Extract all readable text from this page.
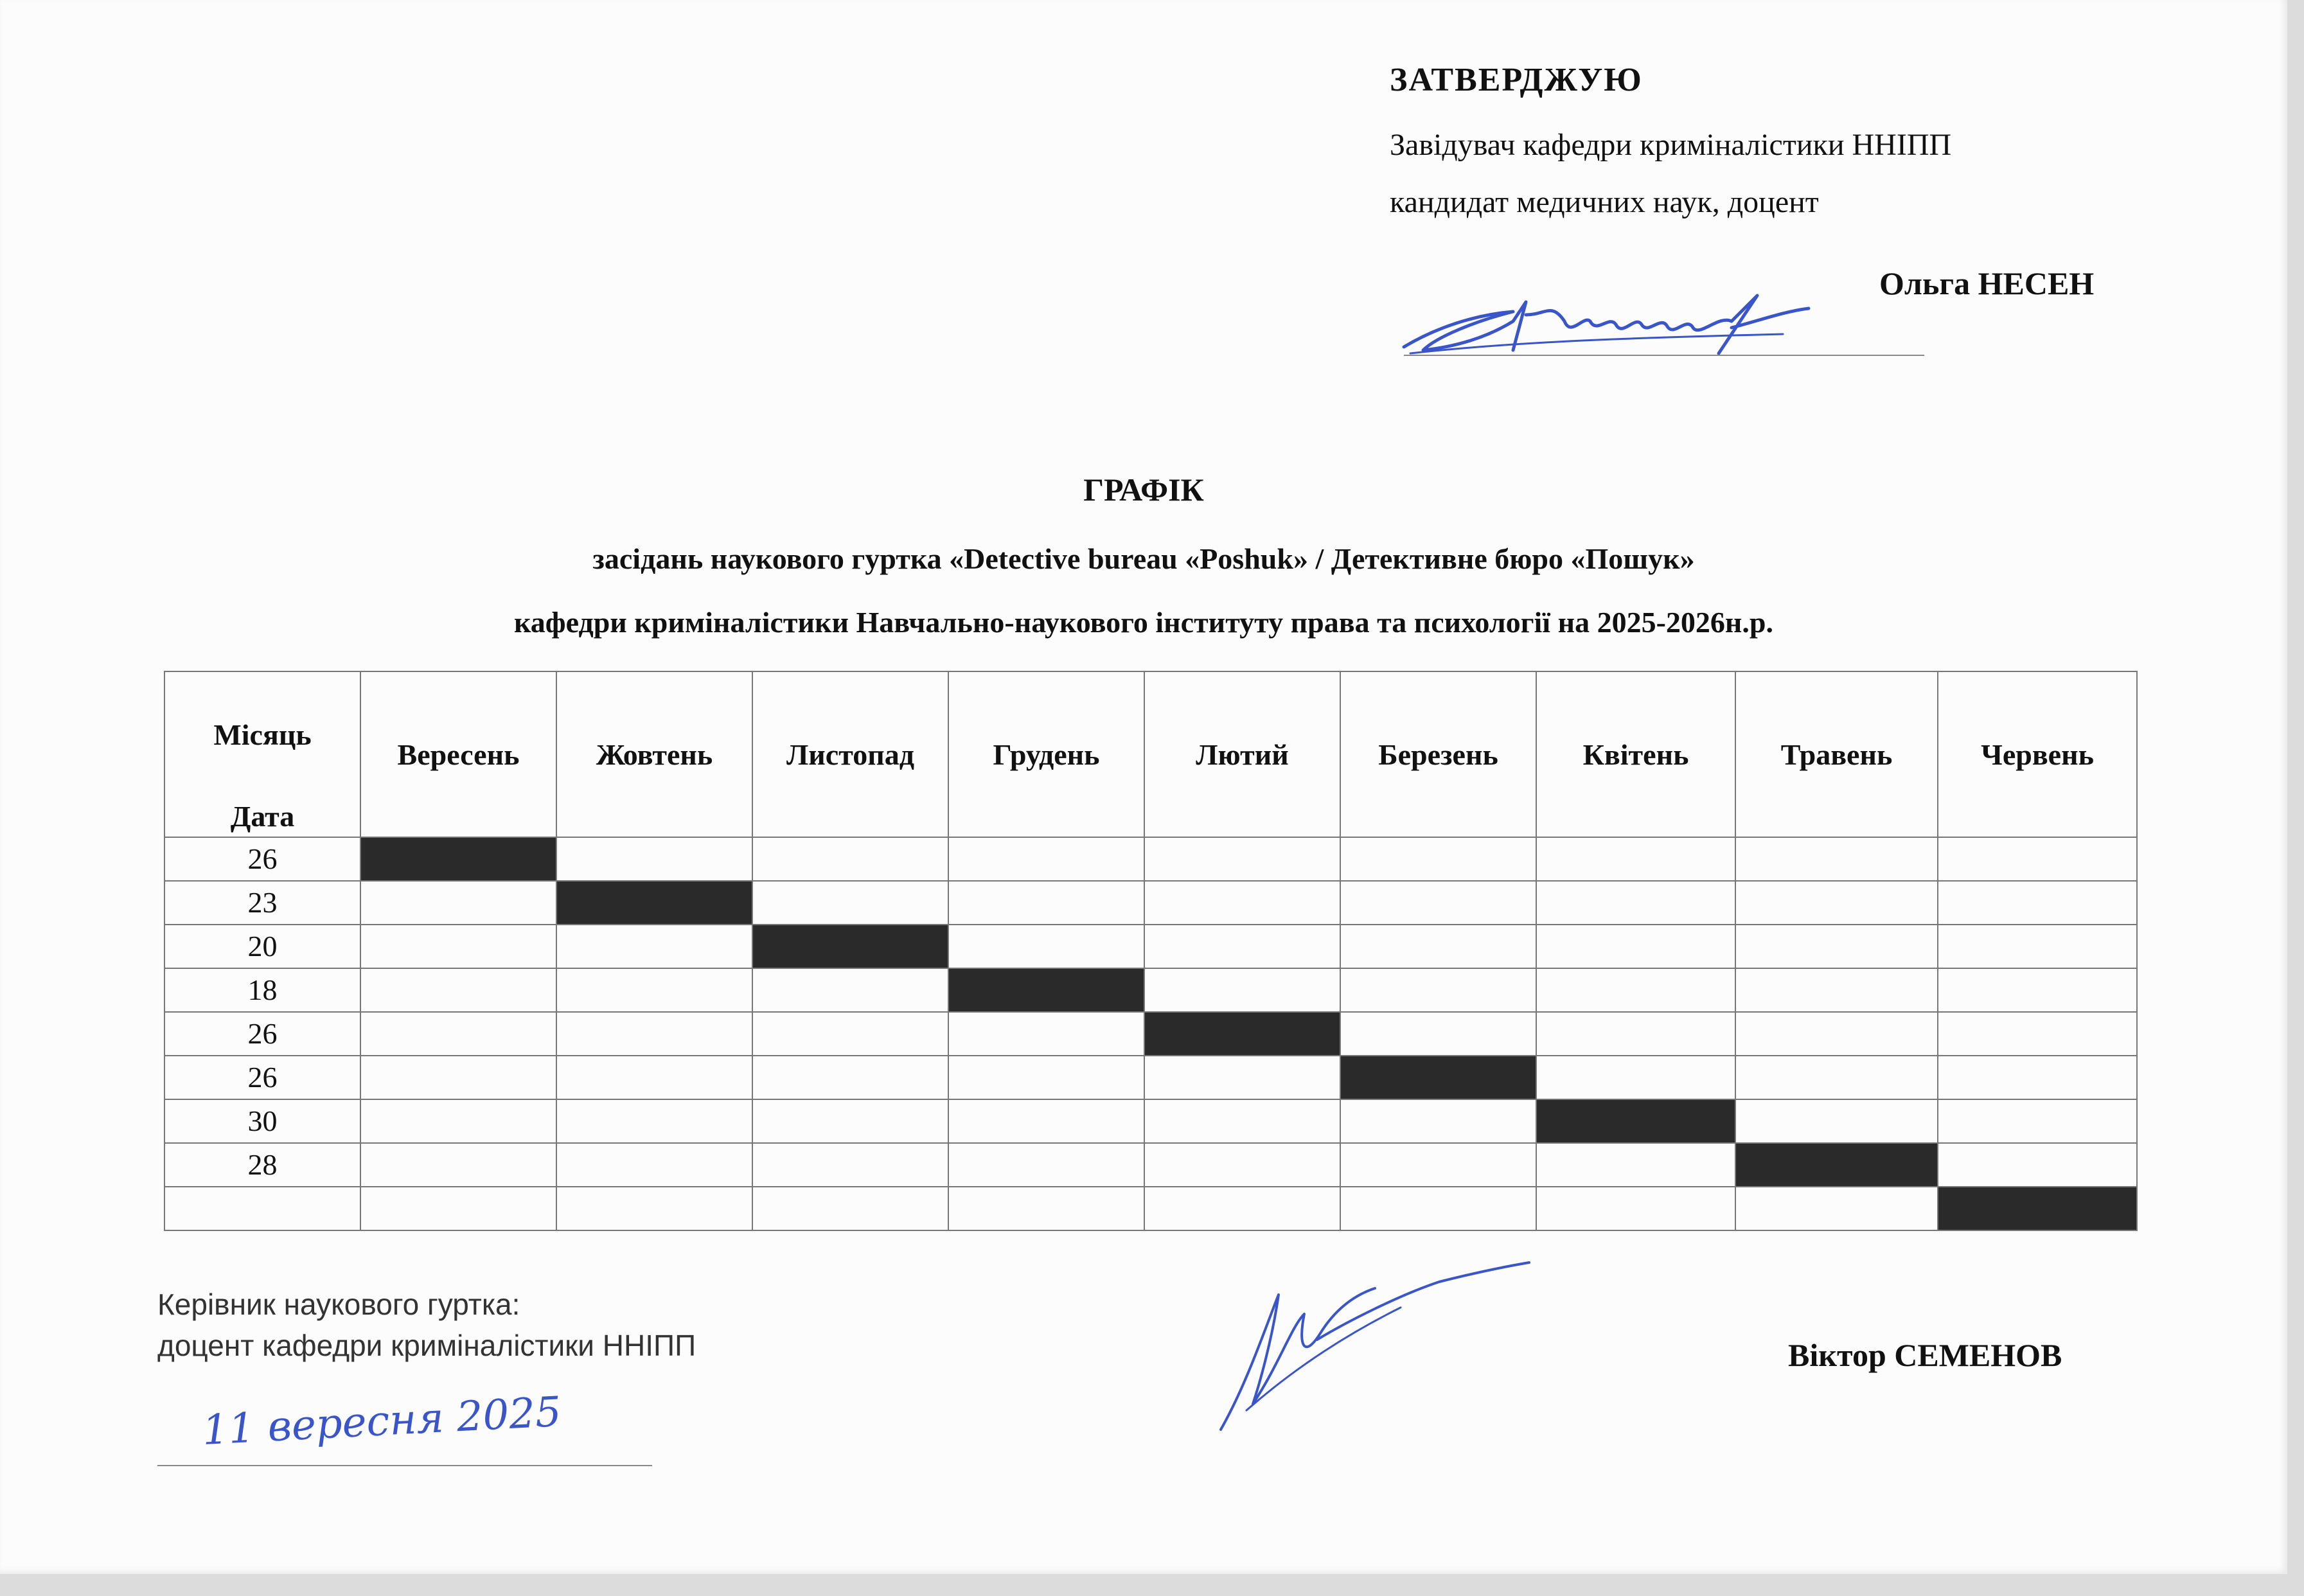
ЗАТВЕРДЖУЮ
Завідувач кафедри криміналістики ННІПП
кандидат медичних наук, доцент
Ольга НЕСЕН
ГРАФІК
засідань наукового гуртка «Detective bureau «Poshuk» / Детективне бюро «Пошук»
кафедри криміналістики Навчально-наукового інституту права та психології на 2025-2026н.р.
Місяць	Вересень	Жовтень	Листопад	Грудень	Лютий	Березень	Квітень	Травень	Червень
Дата									
26									
23									
20									
18									
26									
26									
30									
28									

Керівник наукового гуртка:
доцент кафедри криміналістики ННІПП	Віктор СЕМЕНОВ
11 вересня 2025
